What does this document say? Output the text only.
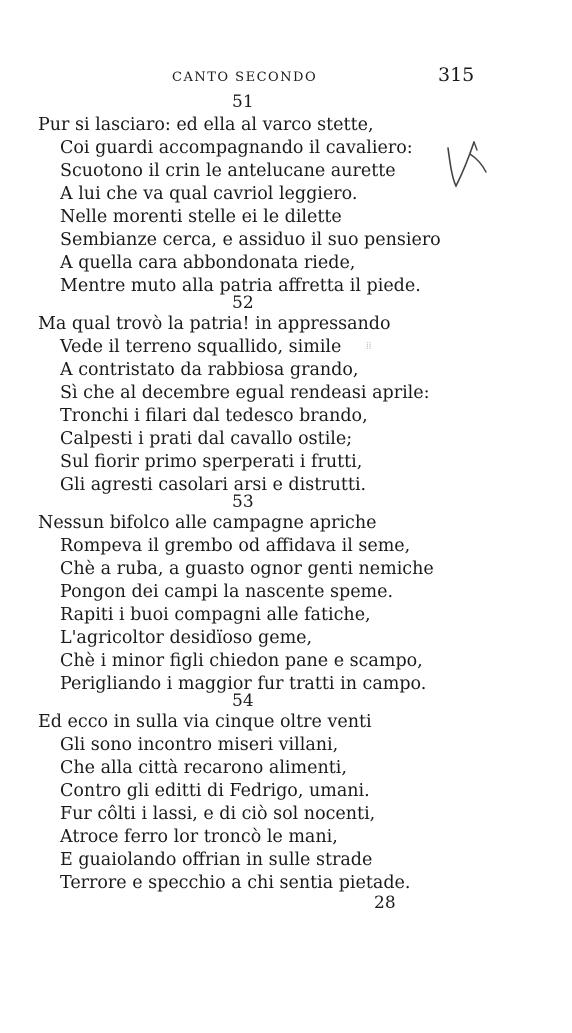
CANTO SECONDO	315
51
Pur si lasciaro: ed ella al varco stette,
Coi guardi accompagnando il cavaliero:
Scuotono il crin le antelucane aurette
A lui che va qual cavriol leggiero.
Nelle morenti stelle ei le dilette
Sembianze cerca, e assiduo il suo pensiero
A quella cara abbondonata riede,
Mentre muto alla patria affretta il piede.
52
Ma qual trovò la patria! in appressando
Vede il terreno squallido, simile
A contristato da rabbiosa grando,
Sì che al decembre egual rendeasi aprile:
Tronchi i filari dal tedesco brando,
Calpesti i prati dal cavallo ostile;
Sul fiorir primo sperperati i frutti,
Gli agresti casolari arsi e distrutti.
53
Nessun bifolco alle campagne apriche
Rompeva il grembo od affidava il seme,
Chè a ruba, a guasto ognor genti nemiche
Pongon dei campi la nascente speme.
Rapiti i buoi compagni alle fatiche,
L'agricoltor desidïoso geme,
Chè i minor figli chiedon pane e scampo,
Perigliando i maggior fur tratti in campo.
54
Ed ecco in sulla via cinque oltre venti
Gli sono incontro miseri villani,
Che alla città recarono alimenti,
Contro gli editti di Fedrigo, umani.
Fur côlti i lassi, e di ciò sol nocenti,
Atroce ferro lor troncò le mani,
E guaiolando offrian in sulle strade
Terrore e specchio a chi sentia pietade.
28
⁞⁞
